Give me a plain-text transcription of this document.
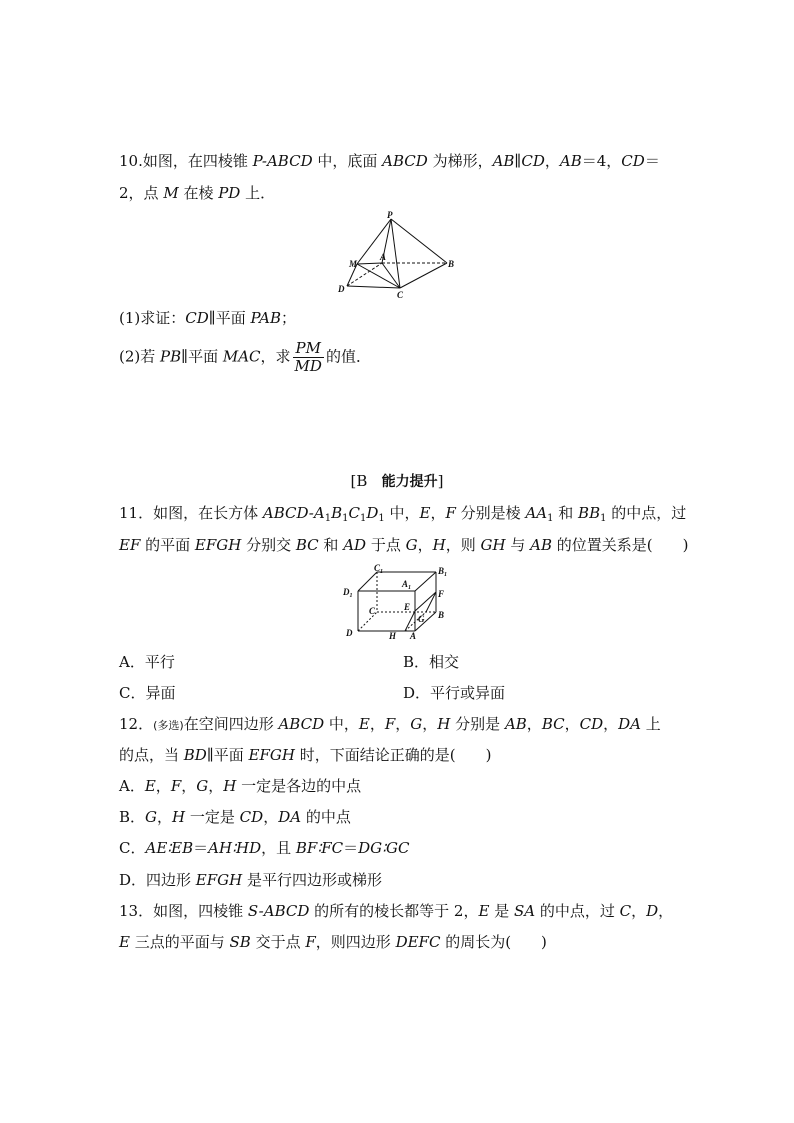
10.如图，在四棱锥 P-ABCD 中，底面 ABCD 为梯形，AB∥CD，AB＝4，CD＝
2，点 M 在棱 PD 上．
P
M
A
B
D
C
(1)求证：CD∥平面 PAB；
(2)若 PB∥平面 MAC，求 $\frac{PM}{MD}$ 的值．
[B 能力提升]
11．如图，在长方体 ABCD-$A_1B_1C_1D_1$ 中，E，F 分别是棱 $AA_1$ 和 $BB_1$ 的中点，过
EF 的平面 EFGH 分别交 BC 和 AD 于点 G，H，则 GH 与 AB 的位置关系是(　　)
$C_1$
$A_1$
$B_1$
$D_1$
C	E
F
B
G
D	H A
A．平行	B．相交
C．异面	D．平行或异面
12．(多选)在空间四边形 ABCD 中，E，F，G，H 分别是 AB，BC，CD，DA 上
的点，当 BD∥平面 EFGH 时，下面结论正确的是(　　)
A．E，F，G，H 一定是各边的中点
B．G，H 一定是 CD，DA 的中点
C．AE∶EB＝AH∶HD，且 BF∶FC＝DG∶GC
D．四边形 EFGH 是平行四边形或梯形
13．如图，四棱锥 S-ABCD 的所有的棱长都等于 2，E 是 SA 的中点，过 C，D，
E 三点的平面与 SB 交于点 F，则四边形 DEFC 的周长为(　　)
